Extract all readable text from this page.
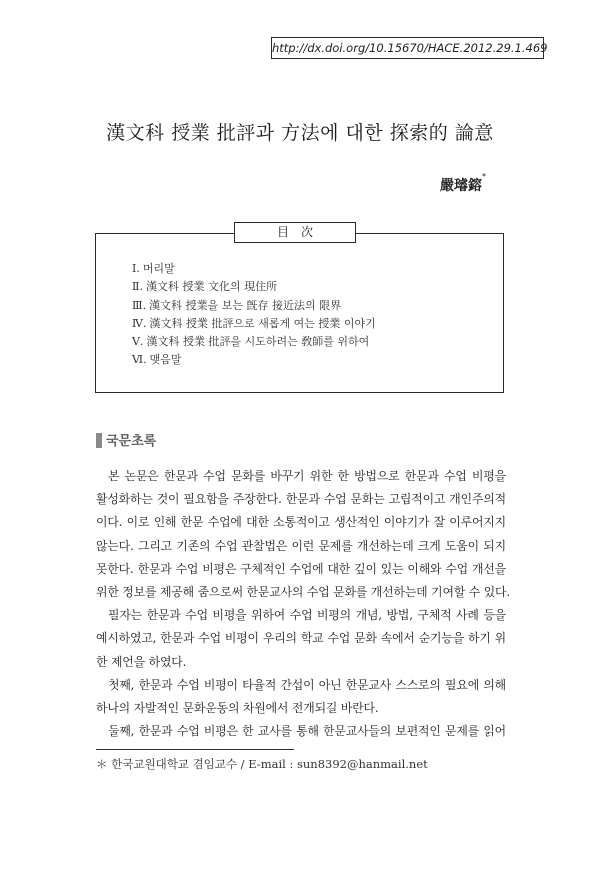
http://dx.doi.org/10.15670/HACE.2012.29.1.469
漢文科 授業 批評과 方法에 대한 探索的 論意
嚴璿鎔*
目　次
Ⅰ. 머리말
Ⅱ. 漢文科 授業 文化의 現住所
Ⅲ. 漢文科 授業을 보는 旣存 接近法의 限界
Ⅳ. 漢文科 授業 批評으로 새롭게 여는 授業 이야기
Ⅴ. 漢文科 授業 批評을 시도하려는 敎師를 위하여
Ⅵ. 맺음말
국문초록
본 논문은 한문과 수업 문화를 바꾸기 위한 한 방법으로 한문과 수업 비평을
활성화하는 것이 필요함을 주장한다. 한문과 수업 문화는 고립적이고 개인주의적
이다. 이로 인해 한문 수업에 대한 소통적이고 생산적인 이야기가 잘 이루어지지
않는다. 그리고 기존의 수업 관찰법은 이런 문제를 개선하는데 크게 도움이 되지
못한다. 한문과 수업 비평은 구체적인 수업에 대한 깊이 있는 이해와 수업 개선을
위한 정보를 제공해 줌으로써 한문교사의 수업 문화를 개선하는데 기여할 수 있다.
필자는 한문과 수업 비평을 위하여 수업 비평의 개념, 방법, 구체적 사례 등을
예시하였고, 한문과 수업 비평이 우리의 학교 수업 문화 속에서 순기능을 하기 위
한 제언을 하였다.
첫째, 한문과 수업 비평이 타율적 간섭이 아닌 한문교사 스스로의 필요에 의해
하나의 자발적인 문화운동의 차원에서 전개되길 바란다.
둘째, 한문과 수업 비평은 한 교사를 통해 한문교사들의 보편적인 문제를 읽어
＊ 한국교원대학교 겸임교수 / E-mail : sun8392@hanmail.net
